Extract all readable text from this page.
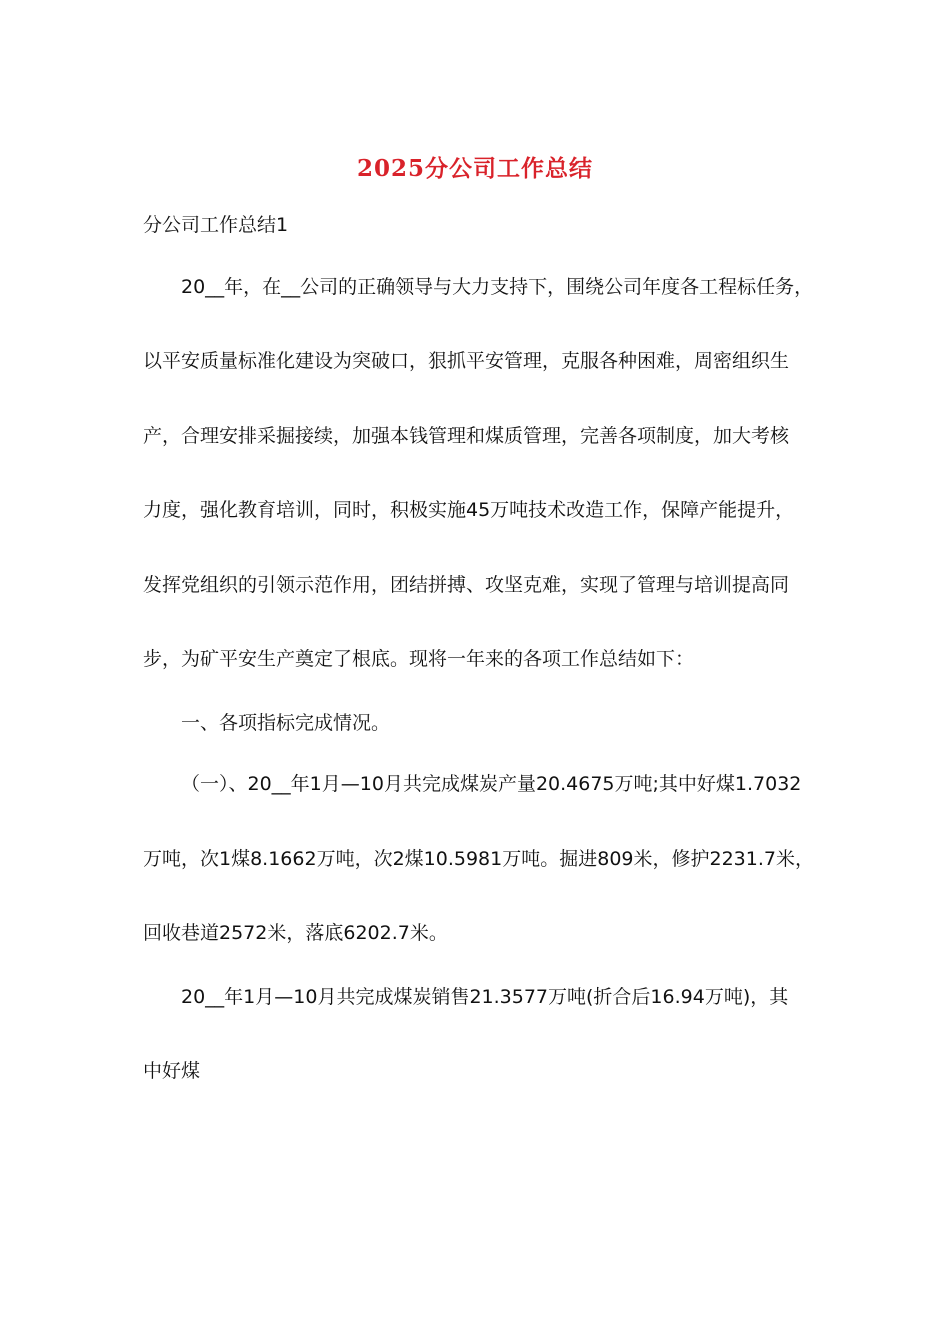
2025分公司工作总结
分公司工作总结1
20__年，在__公司的正确领导与大力支持下，围绕公司年度各工程标任务，
以平安质量标准化建设为突破口，狠抓平安管理，克服各种困难，周密组织生
产，合理安排采掘接续，加强本钱管理和煤质管理，完善各项制度，加大考核
力度，强化教育培训，同时，积极实施45万吨技术改造工作，保障产能提升，
发挥党组织的引领示范作用，团结拼搏、攻坚克难，实现了管理与培训提高同
步，为矿平安生产奠定了根底。现将一年来的各项工作总结如下：
一、各项指标完成情况。
（一）、20__年1月—10月共完成煤炭产量20.4675万吨;其中好煤1.7032
万吨，次1煤8.1662万吨，次2煤10.5981万吨。掘进809米，修护2231.7米，
回收巷道2572米，落底6202.7米。
20__年1月—10月共完成煤炭销售21.3577万吨(折合后16.94万吨)，其
中好煤
